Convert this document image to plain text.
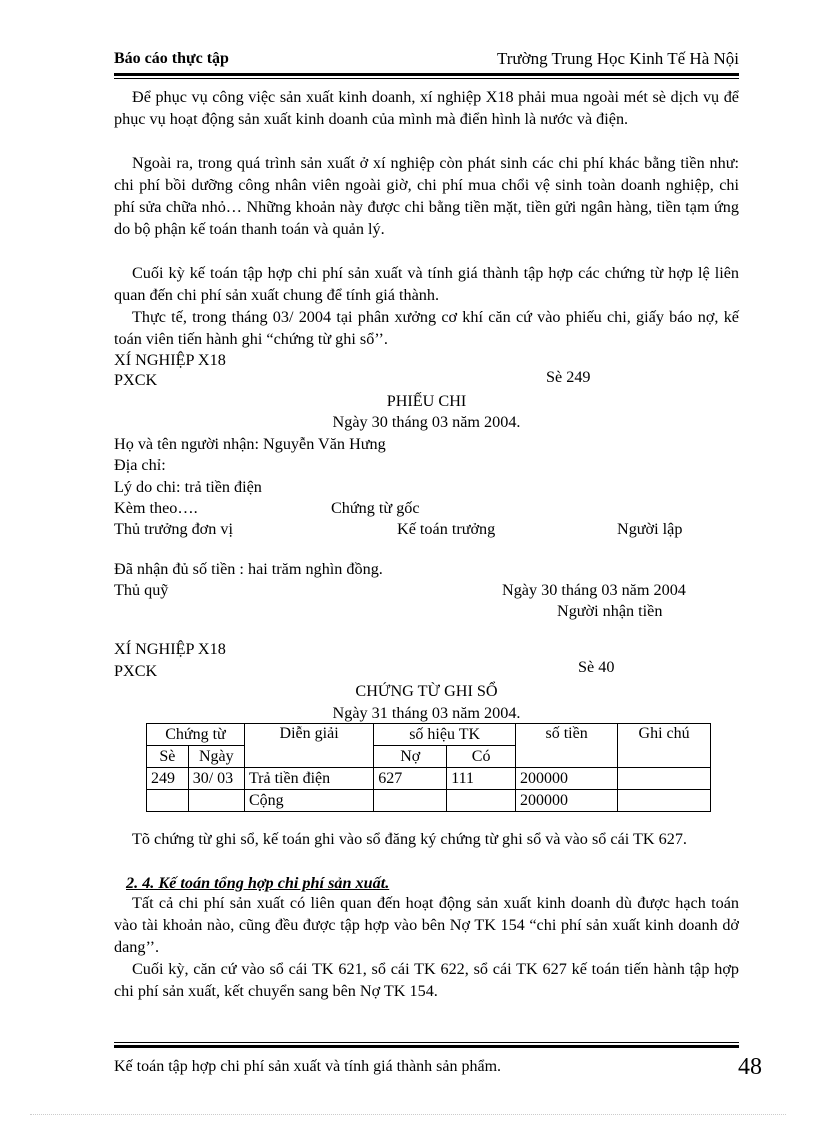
Báo cáo thực tập	Trường Trung Học Kinh Tế Hà Nội
Để phục vụ công việc sản xuất kinh doanh, xí nghiệp X18 phải mua ngoài mét sè dịch vụ để phục vụ hoạt động sản xuất kinh doanh của mình mà điển hình là nước và điện.
Ngoài ra, trong quá trình sản xuất ở xí nghiệp còn phát sinh các chi phí khác bằng tiền như: chi phí bồi dưỡng công nhân viên ngoài giờ, chi phí mua chổi vệ sinh toàn doanh nghiệp, chi phí sửa chữa nhỏ… Những khoản này được chi bằng tiền mặt, tiền gửi ngân hàng, tiền tạm ứng do bộ phận kế toán thanh toán và quản lý.
Cuối kỳ kế toán tập hợp chi phí sản xuất và tính giá thành tập hợp các chứng từ hợp lệ liên quan đến chi phí sản xuất chung để tính giá thành.
Thực tế, trong tháng 03/ 2004 tại phân xưởng cơ khí căn cứ vào phiếu chi, giấy báo nợ, kế toán viên tiến hành ghi “chứng từ ghi sổ’’.
XÍ NGHIỆP X18
PXCK	Sè 249
PHIẾU CHI
Ngày 30 tháng 03 năm 2004.
Họ và tên người nhận: Nguyễn Văn Hưng
Địa chỉ:
Lý do chi: trả tiền điện
Kèm theo….	Chứng từ gốc
Thủ trưởng đơn vị	Kế toán trưởng	Người lập
Đã nhận đủ số tiền : hai trăm nghìn đồng.
Thủ quỹ	Ngày 30 tháng 03 năm 2004
Người nhận tiền
XÍ NGHIỆP X18
PXCK	Sè 40
CHỨNG TỪ GHI SỔ
Ngày 31 tháng 03 năm 2004.
Chứng từ		Diễn giải	số hiệu TK		số tiền	Ghi chú
Sè	Ngày		Nợ	Có		
249	30/ 03	Trả tiền điện	627	111	200000	
		Cộng			200000	
Tõ chứng từ ghi sổ, kế toán ghi vào sổ đăng ký chứng từ ghi sổ và vào sổ cái TK 627.
2. 4. Kế toán tổng hợp chi phí sản xuất.
Tất cả chi phí sản xuất có liên quan đến hoạt động sản xuất kinh doanh dù được hạch toán vào tài khoản nào, cũng đều được tập hợp vào bên Nợ TK 154 “chi phí sản xuất kinh doanh dở dang’’.
Cuối kỳ, căn cứ vào sổ cái TK 621, sổ cái TK 622, sổ cái TK 627 kế toán tiến hành tập hợp chi phí sản xuất, kết chuyển sang bên Nợ TK 154.
Kế toán tập hợp chi phí sản xuất và tính giá thành sản phẩm.	48
